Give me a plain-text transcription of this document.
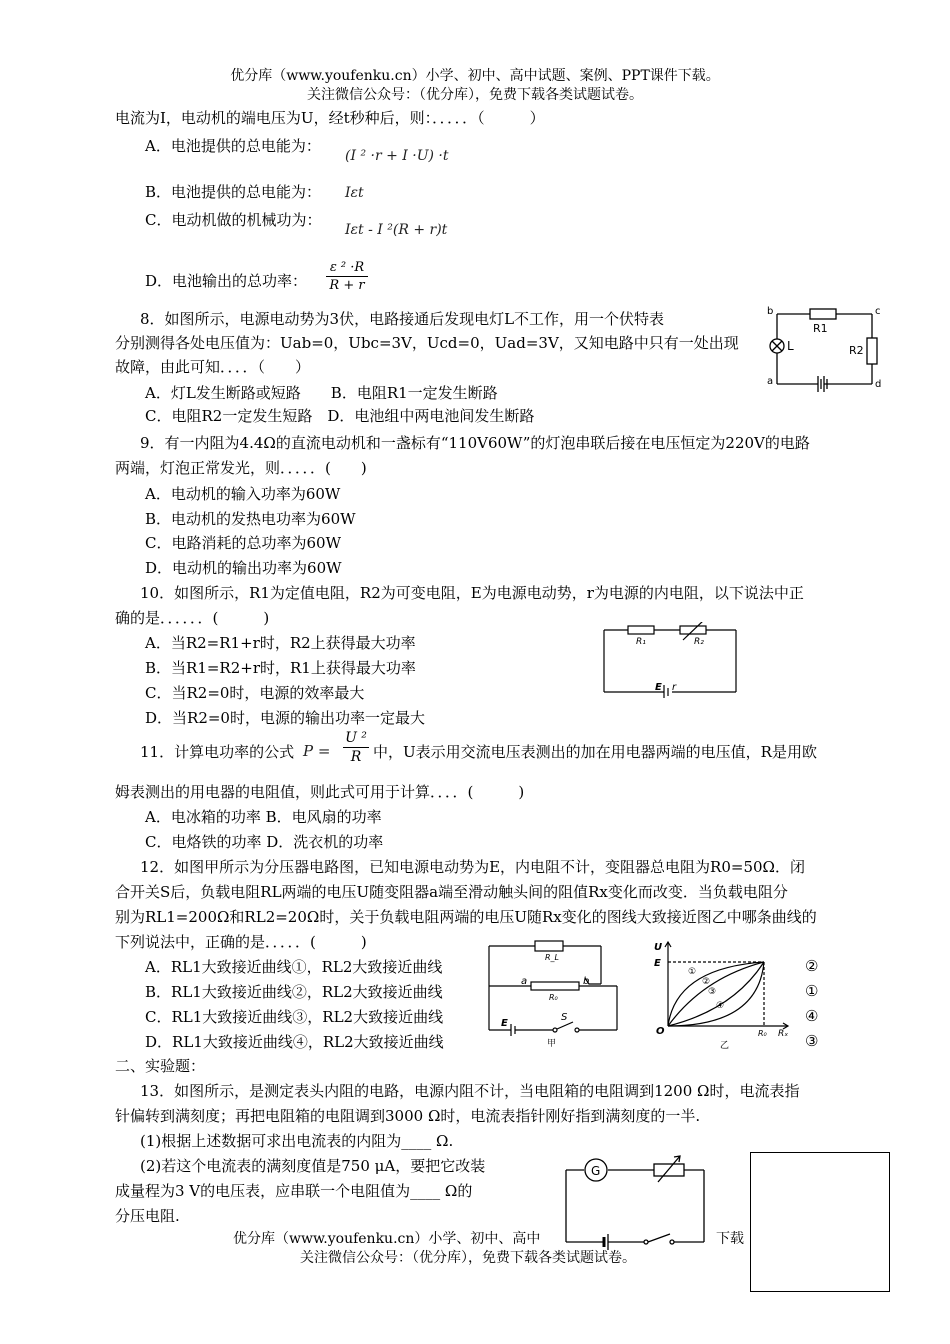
优分库（www.youfenku.cn）小学、初中、高中试题、案例、PPT课件下载。
关注微信公众号：（优分库），免费下载各类试题试卷。
电流为I，电动机的端电压为U，经t秒种后，则：．．．．．（　　　）
A．电池提供的总电能为：
(I ² ·r + I ·U) ·t
B．电池提供的总电能为： Iεt
C．电动机做的机械功为：
Iεt - I ²(R + r)t
D．电池输出的总功率：
ε ² ·R
R + r
8．如图所示，电源电动势为3伏，电路接通后发现电灯L不工作，用一个伏特表
分别测得各处电压值为：Uab=0，Ubc=3V，Ucd=0，Uad=3V，又知电路中只有一处出现
故障，由此可知．．．．（　　）
A．灯L发生断路或短路　　B．电阻R1一定发生断路
C．电阻R2一定发生短路　D．电池组中两电池间发生断路
b	c
a	d
L
R1
R2
9．有一内阻为4.4Ω的直流电动机和一盏标有“110V60W”的灯泡串联后接在电压恒定为220V的电路
两端，灯泡正常发光，则．．．．．(　　)
A．电动机的输入功率为60W
B．电动机的发热电功率为60W
C．电路消耗的总功率为60W
D．电动机的输出功率为60W
10．如图所示，R1为定值电阻，R2为可变电阻，E为电源电动势，r为电源的内电阻，以下说法中正
确的是．．．．．．(　　　)
A．当R2=R1+r时，R2上获得最大功率
B．当R1=R2+r时，R1上获得最大功率
C．当R2=0时，电源的效率最大
D．当R2=0时，电源的输出功率一定最大
R₁	R₂
E r
11．计算电功率的公式 P =
U ²
R 中，U表示用交流电压表测出的加在用电器两端的电压值，R是用欧
姆表测出的用电器的电阻值，则此式可用于计算．．．．(　　　)
A．电冰箱的功率 B．电风扇的功率
C．电烙铁的功率 D．洗衣机的功率
12．如图甲所示为分压器电路图，已知电源电动势为E，内电阻不计，变阻器总电阻为R0=50Ω．闭
合开关S后，负载电阻RL两端的电压U随变阻器a端至滑动触头间的阻值Rx变化而改变．当负载电阻分
别为RL1=200Ω和RL2=20Ω时，关于负载电阻两端的电压U随Rx变化的图线大致接近图乙中哪条曲线的
下列说法中，正确的是．．．．．(　　　)
A．RL1大致接近曲线①，RL2大致接近曲线
B．RL1大致接近曲线②，RL2大致接近曲线
C．RL1大致接近曲线③，RL2大致接近曲线
D．RL1大致接近曲线④，RL2大致接近曲线
②
①
④
③
R_L
a	b
R₀
E
S
甲
U
E
O	R₀ Rₓ
①
②
③
④
乙
二、实验题：
13．如图所示，是测定表头内阻的电路，电源内阻不计，当电阻箱的电阻调到1200 Ω时，电流表指
针偏转到满刻度；再把电阻箱的电阻调到3000 Ω时，电流表指针刚好指到满刻度的一半.
(1)根据上述数据可求出电流表的内阻为____ Ω.
(2)若这个电流表的满刻度值是750 μA，要把它改装
成量程为3 V的电压表，应串联一个电阻值为____ Ω的
分压电阻.
G
优分库（www.youfenku.cn）小学、初中、高中	下载
关注微信公众号：（优分库），免费下载各类试题试卷。
